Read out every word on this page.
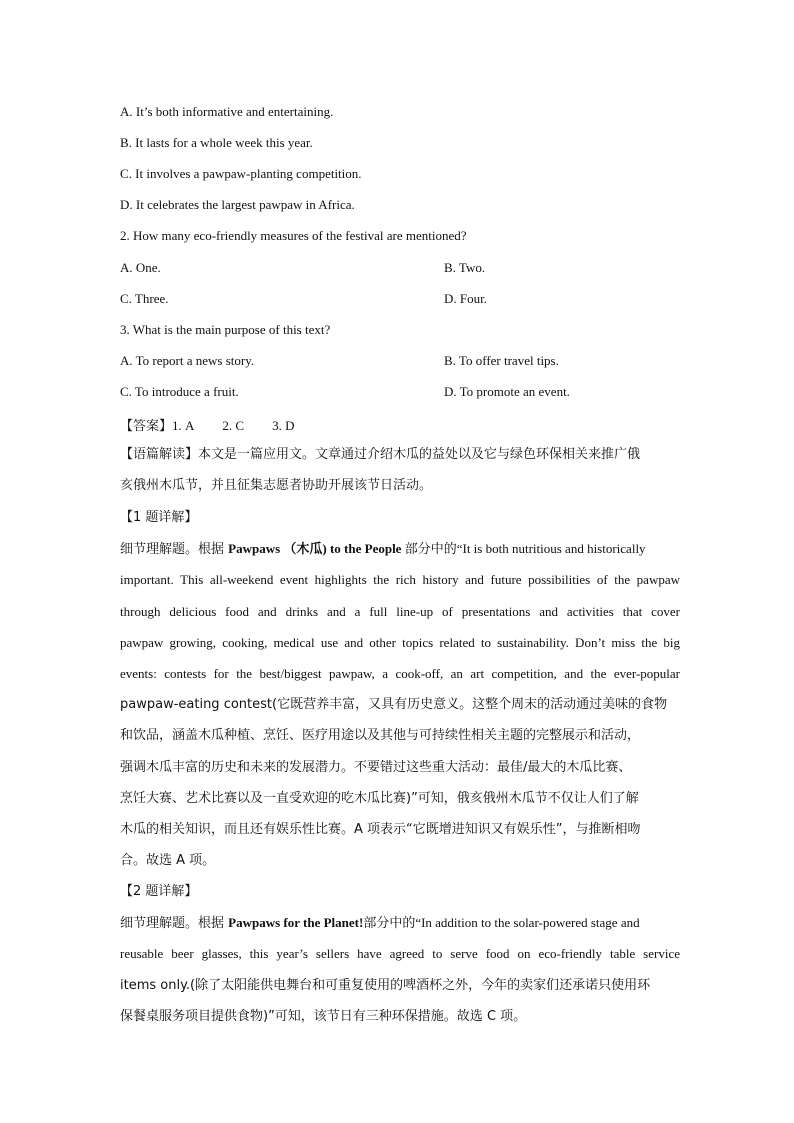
A. It’s both informative and entertaining.
B. It lasts for a whole week this year.
C. It involves a pawpaw-planting competition.
D. It celebrates the largest pawpaw in Africa.
2. How many eco-friendly measures of the festival are mentioned?
A. One.	B. Two.
C. Three.	D. Four.
3. What is the main purpose of this text?
A. To report a news story.	B. To offer travel tips.
C. To introduce a fruit.	D. To promote an event.
【答案】1. A 2. C 3. D

【语篇解读】本文是一篇应用文。文章通过介绍木瓜的益处以及它与绿色环保相关来推广俄

亥俄州木瓜节，并且征集志愿者协助开展该节日活动。

【1 题详解】

细节理解题。根据 Pawpaws （木瓜) to the People 部分中的“It is both nutritious and historically

important. This all-weekend event highlights the rich history and future possibilities of the pawpaw

through delicious food and drinks and a full line-up of presentations and activities that cover

pawpaw growing, cooking, medical use and other topics related to sustainability. Don’t miss the big

events: contests for the best/biggest pawpaw, a cook-off, an art competition, and the ever-popular

pawpaw-eating contest(它既营养丰富，又具有历史意义。这整个周末的活动通过美味的食物

和饮品，涵盖木瓜种植、烹饪、医疗用途以及其他与可持续性相关主题的完整展示和活动，

强调木瓜丰富的历史和未来的发展潜力。不要错过这些重大活动：最佳/最大的木瓜比赛、

烹饪大赛、艺术比赛以及一直受欢迎的吃木瓜比赛)”可知，俄亥俄州木瓜节不仅让人们了解

木瓜的相关知识，而且还有娱乐性比赛。A 项表示“它既增进知识又有娱乐性”，与推断相吻

合。故选 A 项。

【2 题详解】

细节理解题。根据 Pawpaws for the Planet!部分中的“In addition to the solar-powered stage and

reusable beer glasses, this year’s sellers have agreed to serve food on eco-friendly table service

items only.(除了太阳能供电舞台和可重复使用的啤酒杯之外，今年的卖家们还承诺只使用环

保餐桌服务项目提供食物)”可知，该节日有三种环保措施。故选 C 项。
